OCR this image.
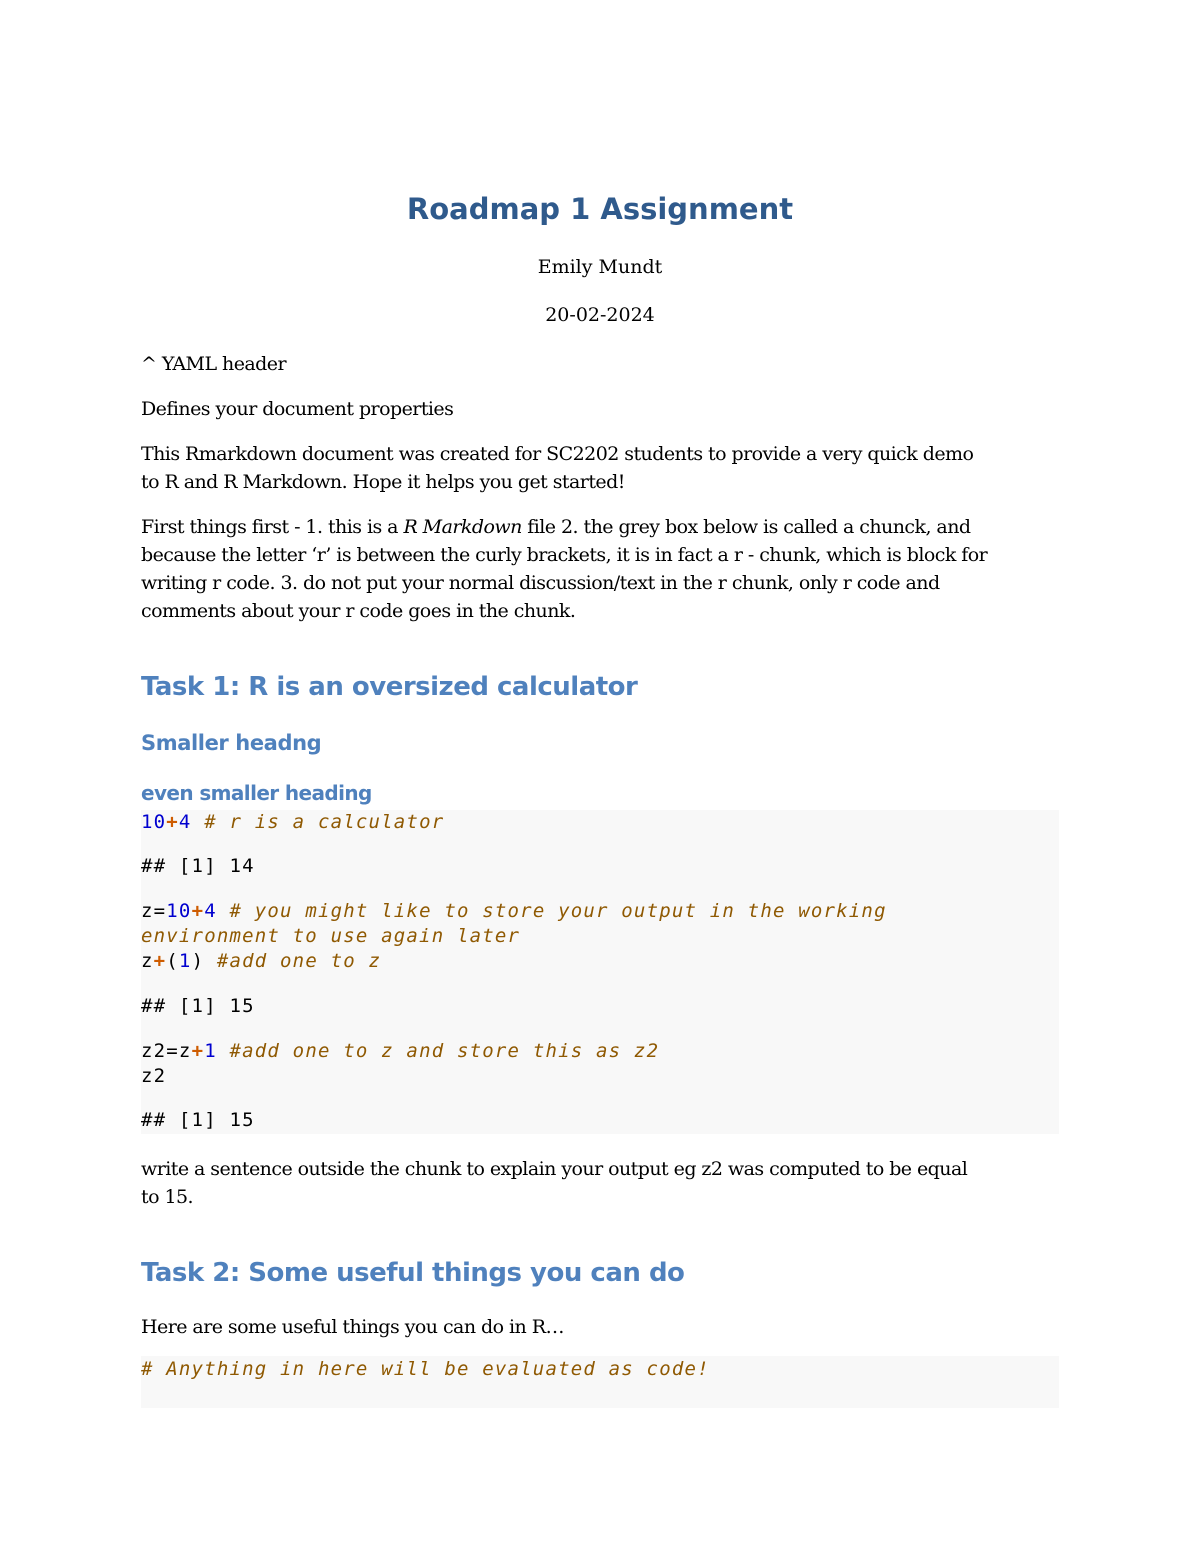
Roadmap 1 Assignment

Emily Mundt

20-02-2024

^ YAML header

Defines your document properties

This Rmarkdown document was created for SC2202 students to provide a very quick demo
to R and R Markdown. Hope it helps you get started!
First things first - 1. this is a R Markdown file 2. the grey box below is called a chunck, and
because the letter ‘r’ is between the curly brackets, it is in fact a r - chunk, which is block for
writing r code. 3. do not put your normal discussion/text in the r chunk, only r code and
comments about your r code goes in the chunk.
Task 1: R is an oversized calculator
Smaller headng
even smaller heading
10+4 # r is a calculator
## [1] 14
z=10+4 # you might like to store your output in the working
environment to use again later
z+(1) #add one to z
## [1] 15
z2=z+1 #add one to z and store this as z2
z2
## [1] 15
write a sentence outside the chunk to explain your output eg z2 was computed to be equal
to 15.
Task 2: Some useful things you can do

Here are some useful things you can do in R…

# Anything in here will be evaluated as code!
